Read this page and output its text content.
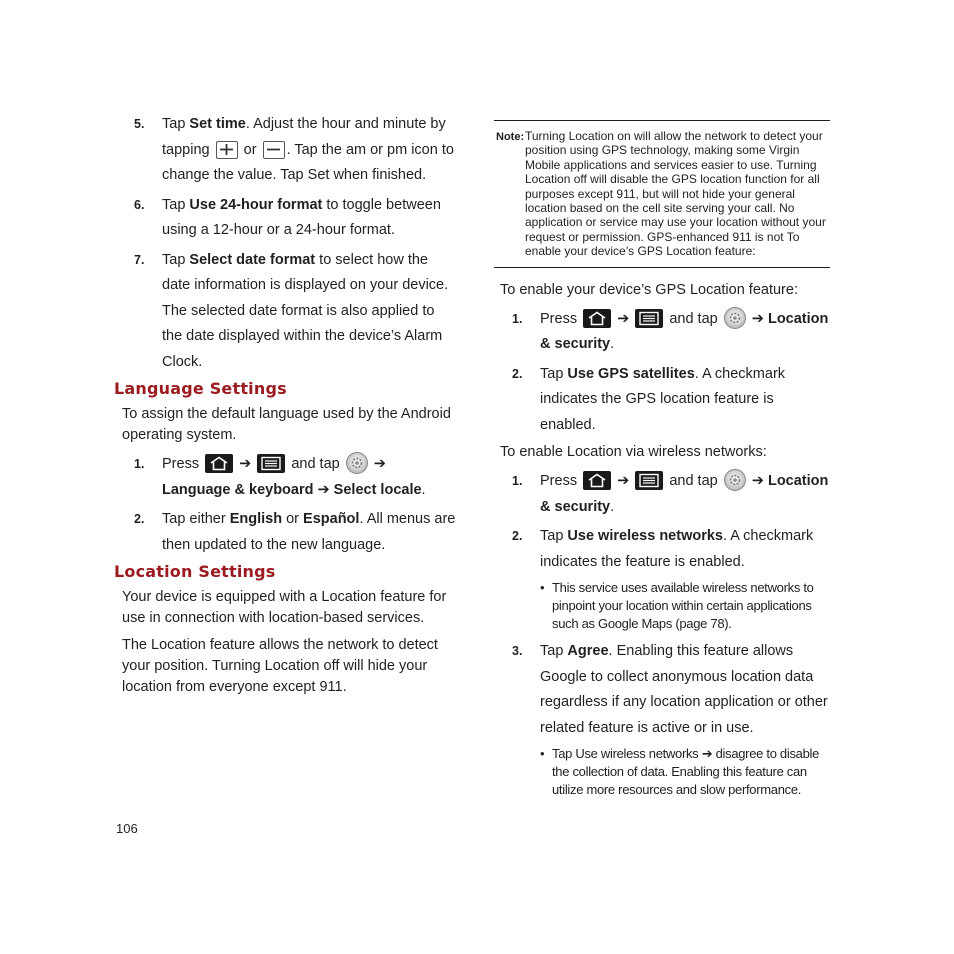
5. Tap Set time. Adjust the hour and minute by tapping
or
. Tap the am or pm icon to change the value. Tap Set when finished.
6. Tap Use 24-hour format to toggle between using a 12-hour or a 24-hour format.
7. Tap Select date format to select how the date information is displayed on your device. The selected date format is also applied to the date displayed within the device’s Alarm Clock.
Language Settings
To assign the default language used by the Android operating system.
1. Press
➔
and tap
➔ Language & keyboard ➔ Select locale.
2. Tap either English or Español. All menus are then updated to the new language.
Location Settings
Your device is equipped with a Location feature for use in connection with location-based services.
The Location feature allows the network to detect your position. Turning Location off will hide your location from everyone except 911.
Note: Turning Location on will allow the network to detect your position using GPS technology, making some Virgin Mobile applications and services easier to use. Turning Location off will disable the GPS location function for all purposes except 911, but will not hide your general location based on the cell site serving your call. No application or service may use your location without your request or permission. GPS-enhanced 911 is not To enable your device’s GPS Location feature:
To enable your device’s GPS Location feature:
1. Press
➔
and tap
➔ Location & security.
2. Tap Use GPS satellites. A checkmark indicates the GPS location feature is enabled.
To enable Location via wireless networks:
1. Press
➔
and tap
➔ Location & security.
2. Tap Use wireless networks. A checkmark indicates the feature is enabled.
• This service uses available wireless networks to pinpoint your location within certain applications such as Google Maps (page 78).
3. Tap Agree. Enabling this feature allows Google to collect anonymous location data regardless if any location application or other related feature is active or in use.
• Tap Use wireless networks ➔ disagree to disable the collection of data. Enabling this feature can utilize more resources and slow performance.
106
